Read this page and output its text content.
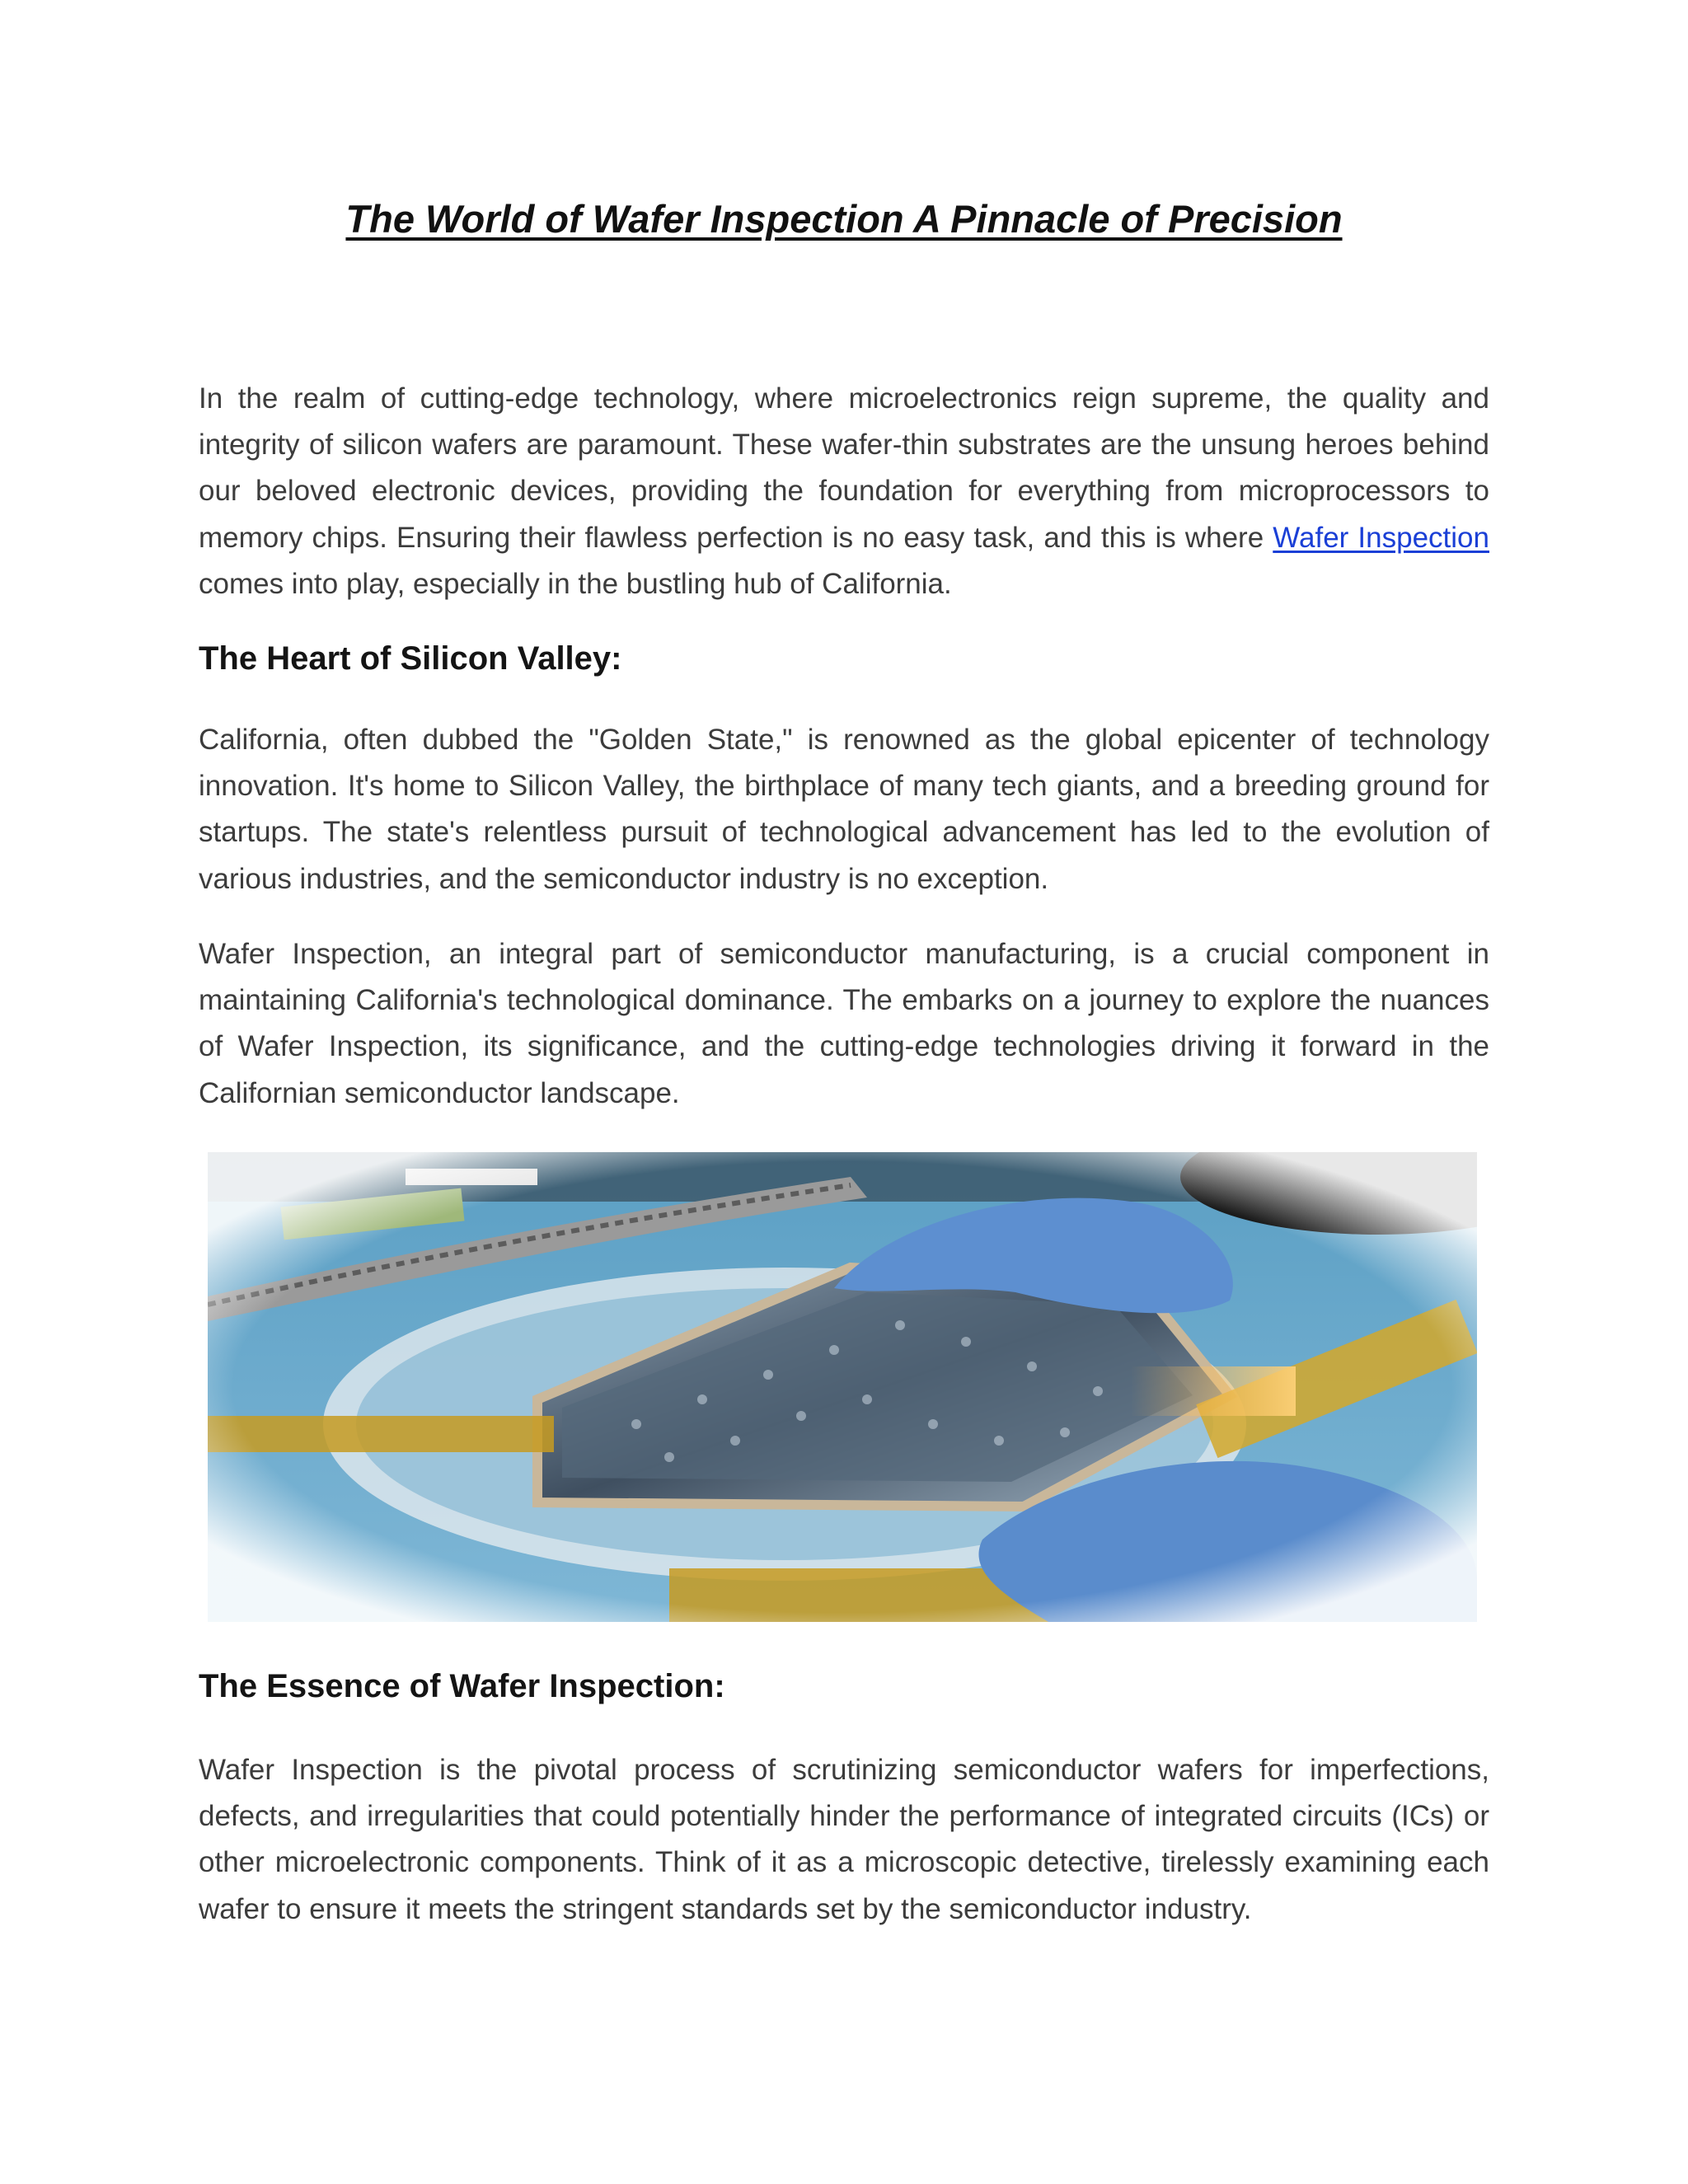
The World of Wafer Inspection A Pinnacle of Precision

In the realm of cutting-edge technology, where microelectronics reign supreme, the quality and integrity of silicon wafers are paramount. These wafer-thin substrates are the unsung heroes behind our beloved electronic devices, providing the foundation for everything from microprocessors to memory chips. Ensuring their flawless perfection is no easy task, and this is where Wafer Inspection comes into play, especially in the bustling hub of California.

The Heart of Silicon Valley:

California, often dubbed the "Golden State," is renowned as the global epicenter of technology innovation. It's home to Silicon Valley, the birthplace of many tech giants, and a breeding ground for startups. The state's relentless pursuit of technological advancement has led to the evolution of various industries, and the semiconductor industry is no exception.

Wafer Inspection, an integral part of semiconductor manufacturing, is a crucial component in maintaining California's technological dominance. The embarks on a journey to explore the nuances of Wafer Inspection, its significance, and the cutting-edge technologies driving it forward in the Californian semiconductor landscape.

The Essence of Wafer Inspection:

Wafer Inspection is the pivotal process of scrutinizing semiconductor wafers for imperfections, defects, and irregularities that could potentially hinder the performance of integrated circuits (ICs) or other microelectronic components. Think of it as a microscopic detective, tirelessly examining each wafer to ensure it meets the stringent standards set by the semiconductor industry.
